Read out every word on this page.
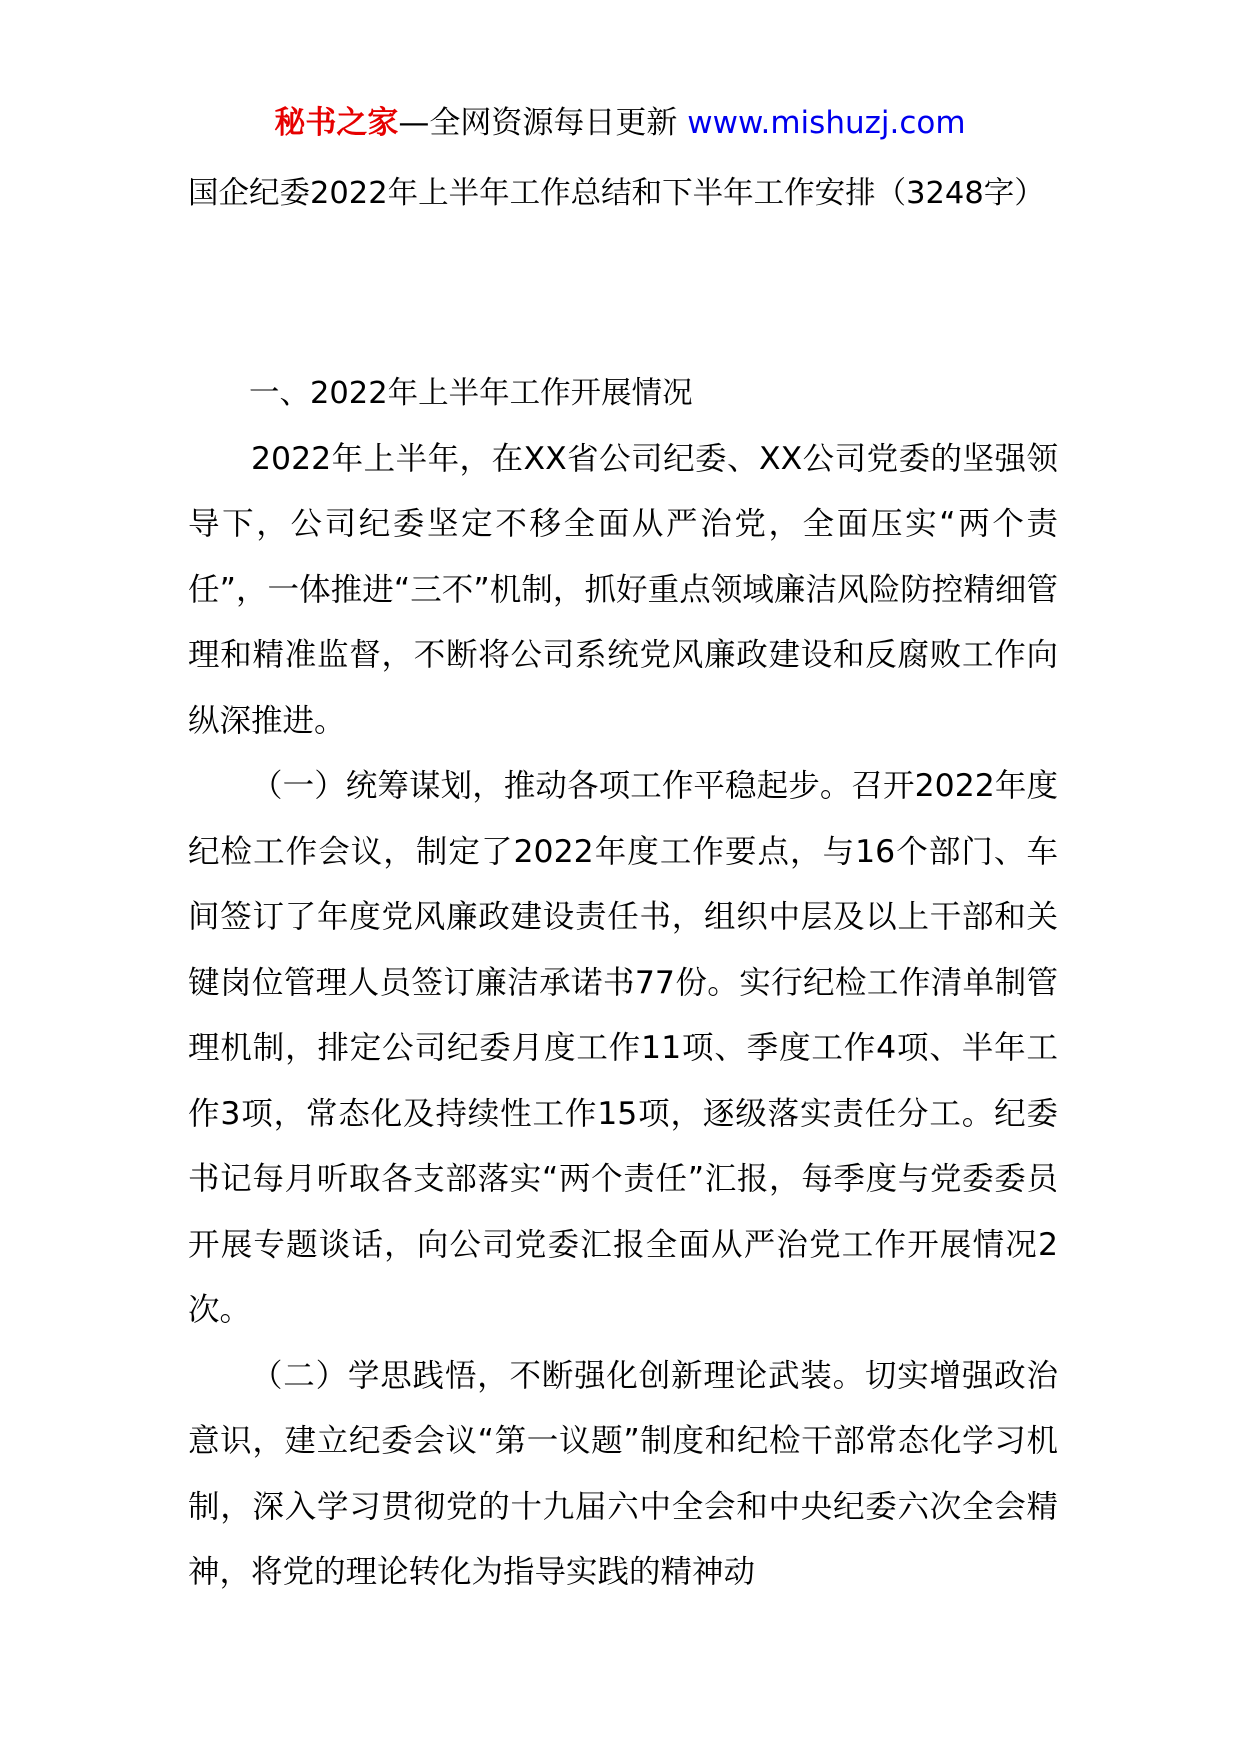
秘书之家—全网资源每日更新 www.mishuzj.com
国企纪委2022年上半年工作总结和下半年工作安排（3248字）

一、2022年上半年工作开展情况

2022年上半年，在XX省公司纪委、XX公司党委的坚强领导下，公司纪委坚定不移全面从严治党，全面压实“两个责任”，一体推进“三不”机制，抓好重点领域廉洁风险防控精细管理和精准监督，不断将公司系统党风廉政建设和反腐败工作向纵深推进。

（一）统筹谋划，推动各项工作平稳起步。召开2022年度纪检工作会议，制定了2022年度工作要点，与16个部门、车间签订了年度党风廉政建设责任书，组织中层及以上干部和关键岗位管理人员签订廉洁承诺书77份。实行纪检工作清单制管理机制，排定公司纪委月度工作11项、季度工作4项、半年工作3项，常态化及持续性工作15项，逐级落实责任分工。纪委书记每月听取各支部落实“两个责任”汇报，每季度与党委委员开展专题谈话，向公司党委汇报全面从严治党工作开展情况2次。

（二）学思践悟，不断强化创新理论武装。切实增强政治意识，建立纪委会议“第一议题”制度和纪检干部常态化学习机制，深入学习贯彻党的十九届六中全会和中央纪委六次全会精神，将党的理论转化为指导实践的精神动
